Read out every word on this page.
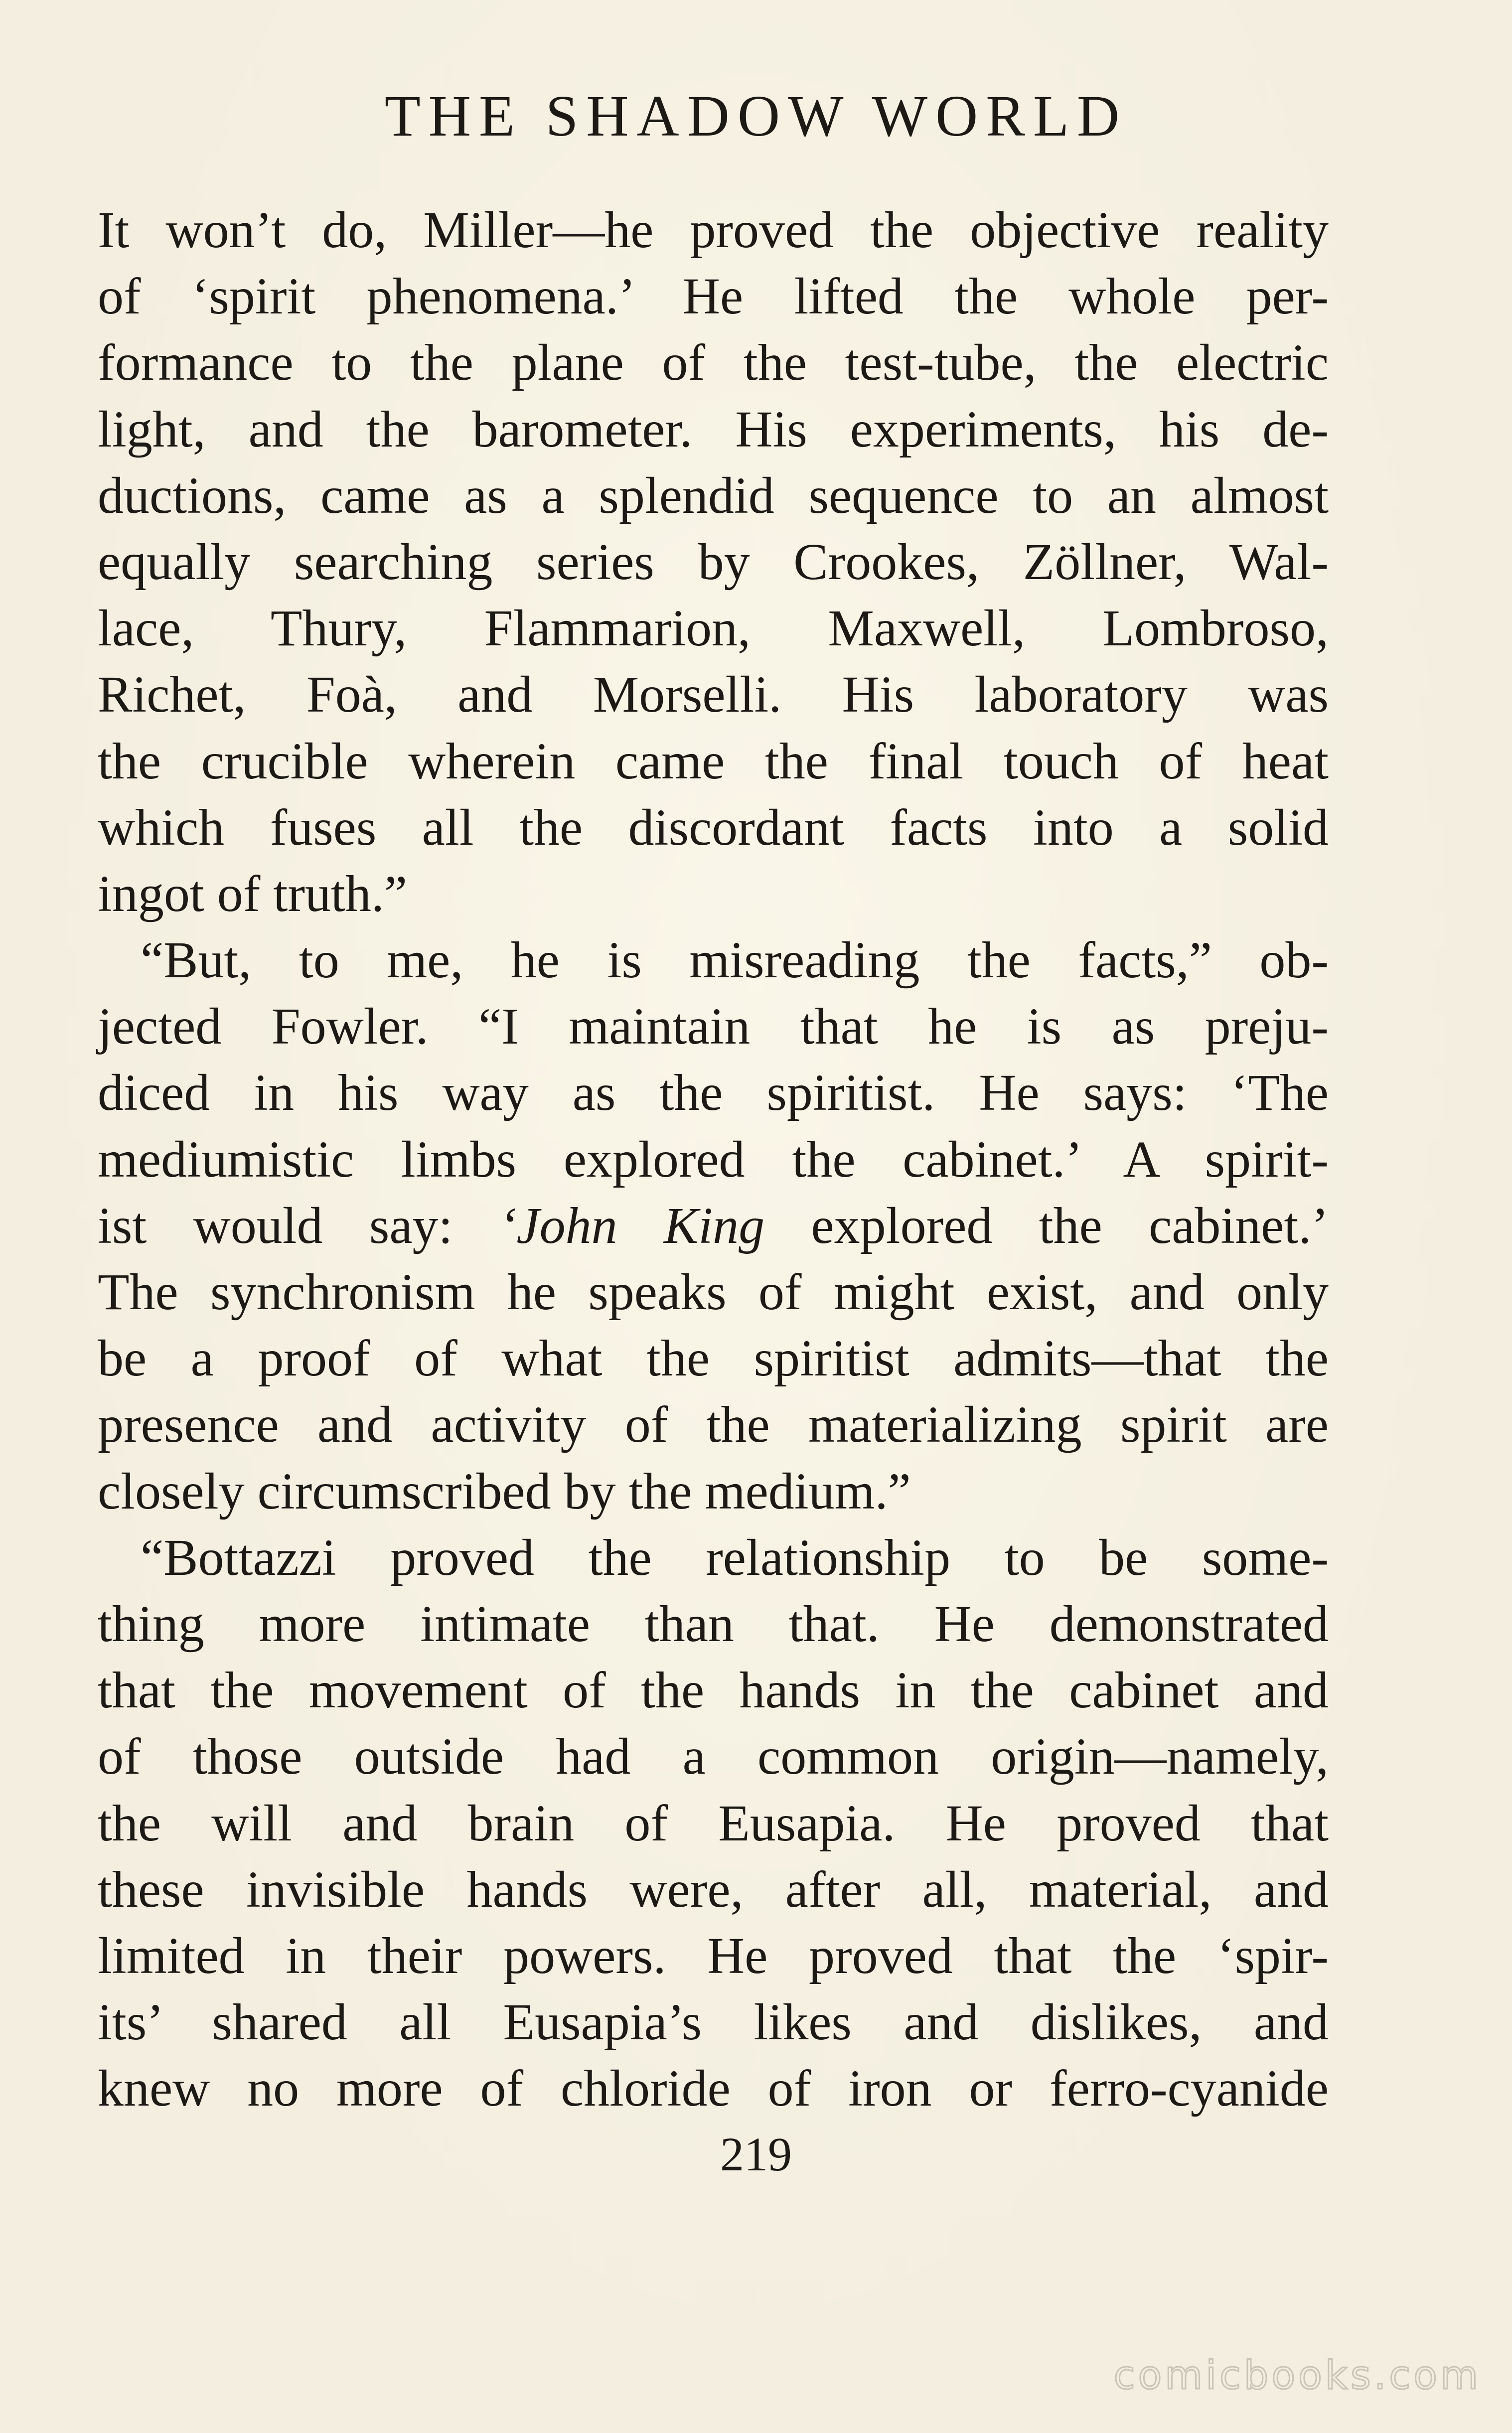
THE SHADOW WORLD
It won’t do, Miller—he proved the objective reality
of ‘spirit phenomena.’ He lifted the whole per-
formance to the plane of the test-tube, the electric
light, and the barometer. His experiments, his de-
ductions, came as a splendid sequence to an almost
equally searching series by Crookes, Zöllner, Wal-
lace, Thury, Flammarion, Maxwell, Lombroso,
Richet, Foà, and Morselli. His laboratory was
the crucible wherein came the final touch of heat
which fuses all the discordant facts into a solid
ingot of truth.”
“But, to me, he is misreading the facts,” ob-
jected Fowler. “I maintain that he is as preju-
diced in his way as the spiritist. He says: ‘The
mediumistic limbs explored the cabinet.’ A spirit-
ist would say: ‘John King explored the cabinet.’
The synchronism he speaks of might exist, and only
be a proof of what the spiritist admits—that the
presence and activity of the materializing spirit are
closely circumscribed by the medium.”
“Bottazzi proved the relationship to be some-
thing more intimate than that. He demonstrated
that the movement of the hands in the cabinet and
of those outside had a common origin—namely,
the will and brain of Eusapia. He proved that
these invisible hands were, after all, material, and
limited in their powers. He proved that the ‘spir-
its’ shared all Eusapia’s likes and dislikes, and
knew no more of chloride of iron or ferro-cyanide
219
comicbooks.com
